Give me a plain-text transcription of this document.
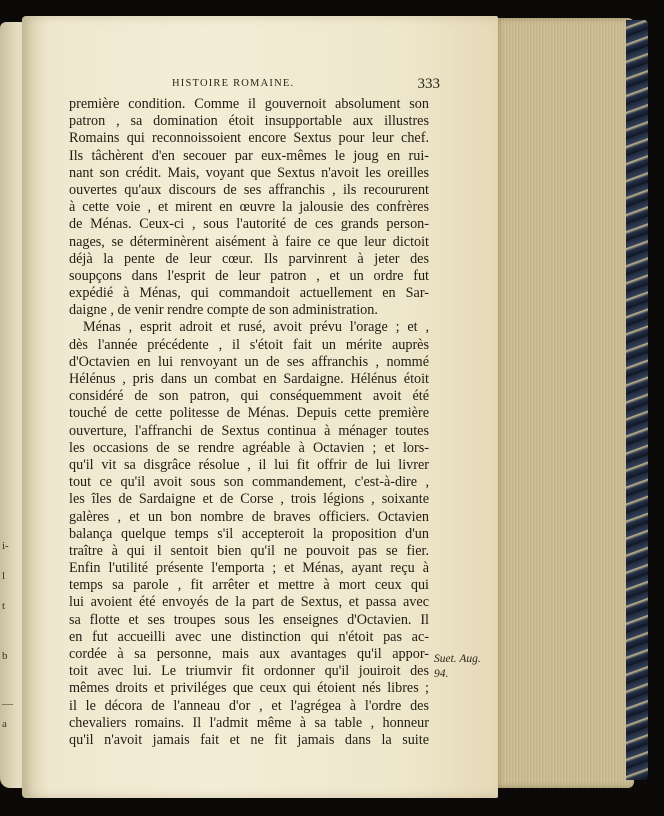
i-
l
t
b
—
a
HISTOIRE ROMAINE.	333
première condition. Comme il gouvernoit absolument son
patron , sa domination étoit insupportable aux illustres
Romains qui reconnoissoient encore Sextus pour leur chef.
Ils tâchèrent d'en secouer par eux-mêmes le joug en rui-
nant son crédit. Mais, voyant que Sextus n'avoit les oreilles
ouvertes qu'aux discours de ses affranchis , ils recoururent
à cette voie , et mirent en œuvre la jalousie des confrères
de Ménas. Ceux-ci , sous l'autorité de ces grands person-
nages, se déterminèrent aisément à faire ce que leur dictoit
déjà la pente de leur cœur. Ils parvinrent à jeter des
soupçons dans l'esprit de leur patron , et un ordre fut
expédié à Ménas, qui commandoit actuellement en Sar-
daigne , de venir rendre compte de son administration.
Ménas , esprit adroit et rusé, avoit prévu l'orage ; et ,
dès l'année précédente , il s'étoit fait un mérite auprès
d'Octavien en lui renvoyant un de ses affranchis , nommé
Hélénus , pris dans un combat en Sardaigne. Hélénus étoit
considéré de son patron, qui conséquemment avoit été
touché de cette politesse de Ménas. Depuis cette première
ouverture, l'affranchi de Sextus continua à ménager toutes
les occasions de se rendre agréable à Octavien ; et lors-
qu'il vit sa disgrâce résolue , il lui fit offrir de lui livrer
tout ce qu'il avoit sous son commandement, c'est-à-dire ,
les îles de Sardaigne et de Corse , trois légions , soixante
galères , et un bon nombre de braves officiers. Octavien
balança quelque temps s'il accepteroit la proposition d'un
traître à qui il sentoit bien qu'il ne pouvoit pas se fier.
Enfin l'utilité présente l'emporta ; et Ménas, ayant reçu à
temps sa parole , fit arrêter et mettre à mort ceux qui
lui avoient été envoyés de la part de Sextus, et passa avec
sa flotte et ses troupes sous les enseignes d'Octavien. Il
en fut accueilli avec une distinction qui n'étoit pas ac-
cordée à sa personne, mais aux avantages qu'il appor-
toit avec lui. Le triumvir fit ordonner qu'il jouiroit des
mêmes droits et priviléges que ceux qui étoient nés libres ;
il le décora de l'anneau d'or , et l'agrégea à l'ordre des
chevaliers romains. Il l'admit même à sa table , honneur
qu'il n'avoit jamais fait et ne fit jamais dans la suite
Suet. Aug.
94.
